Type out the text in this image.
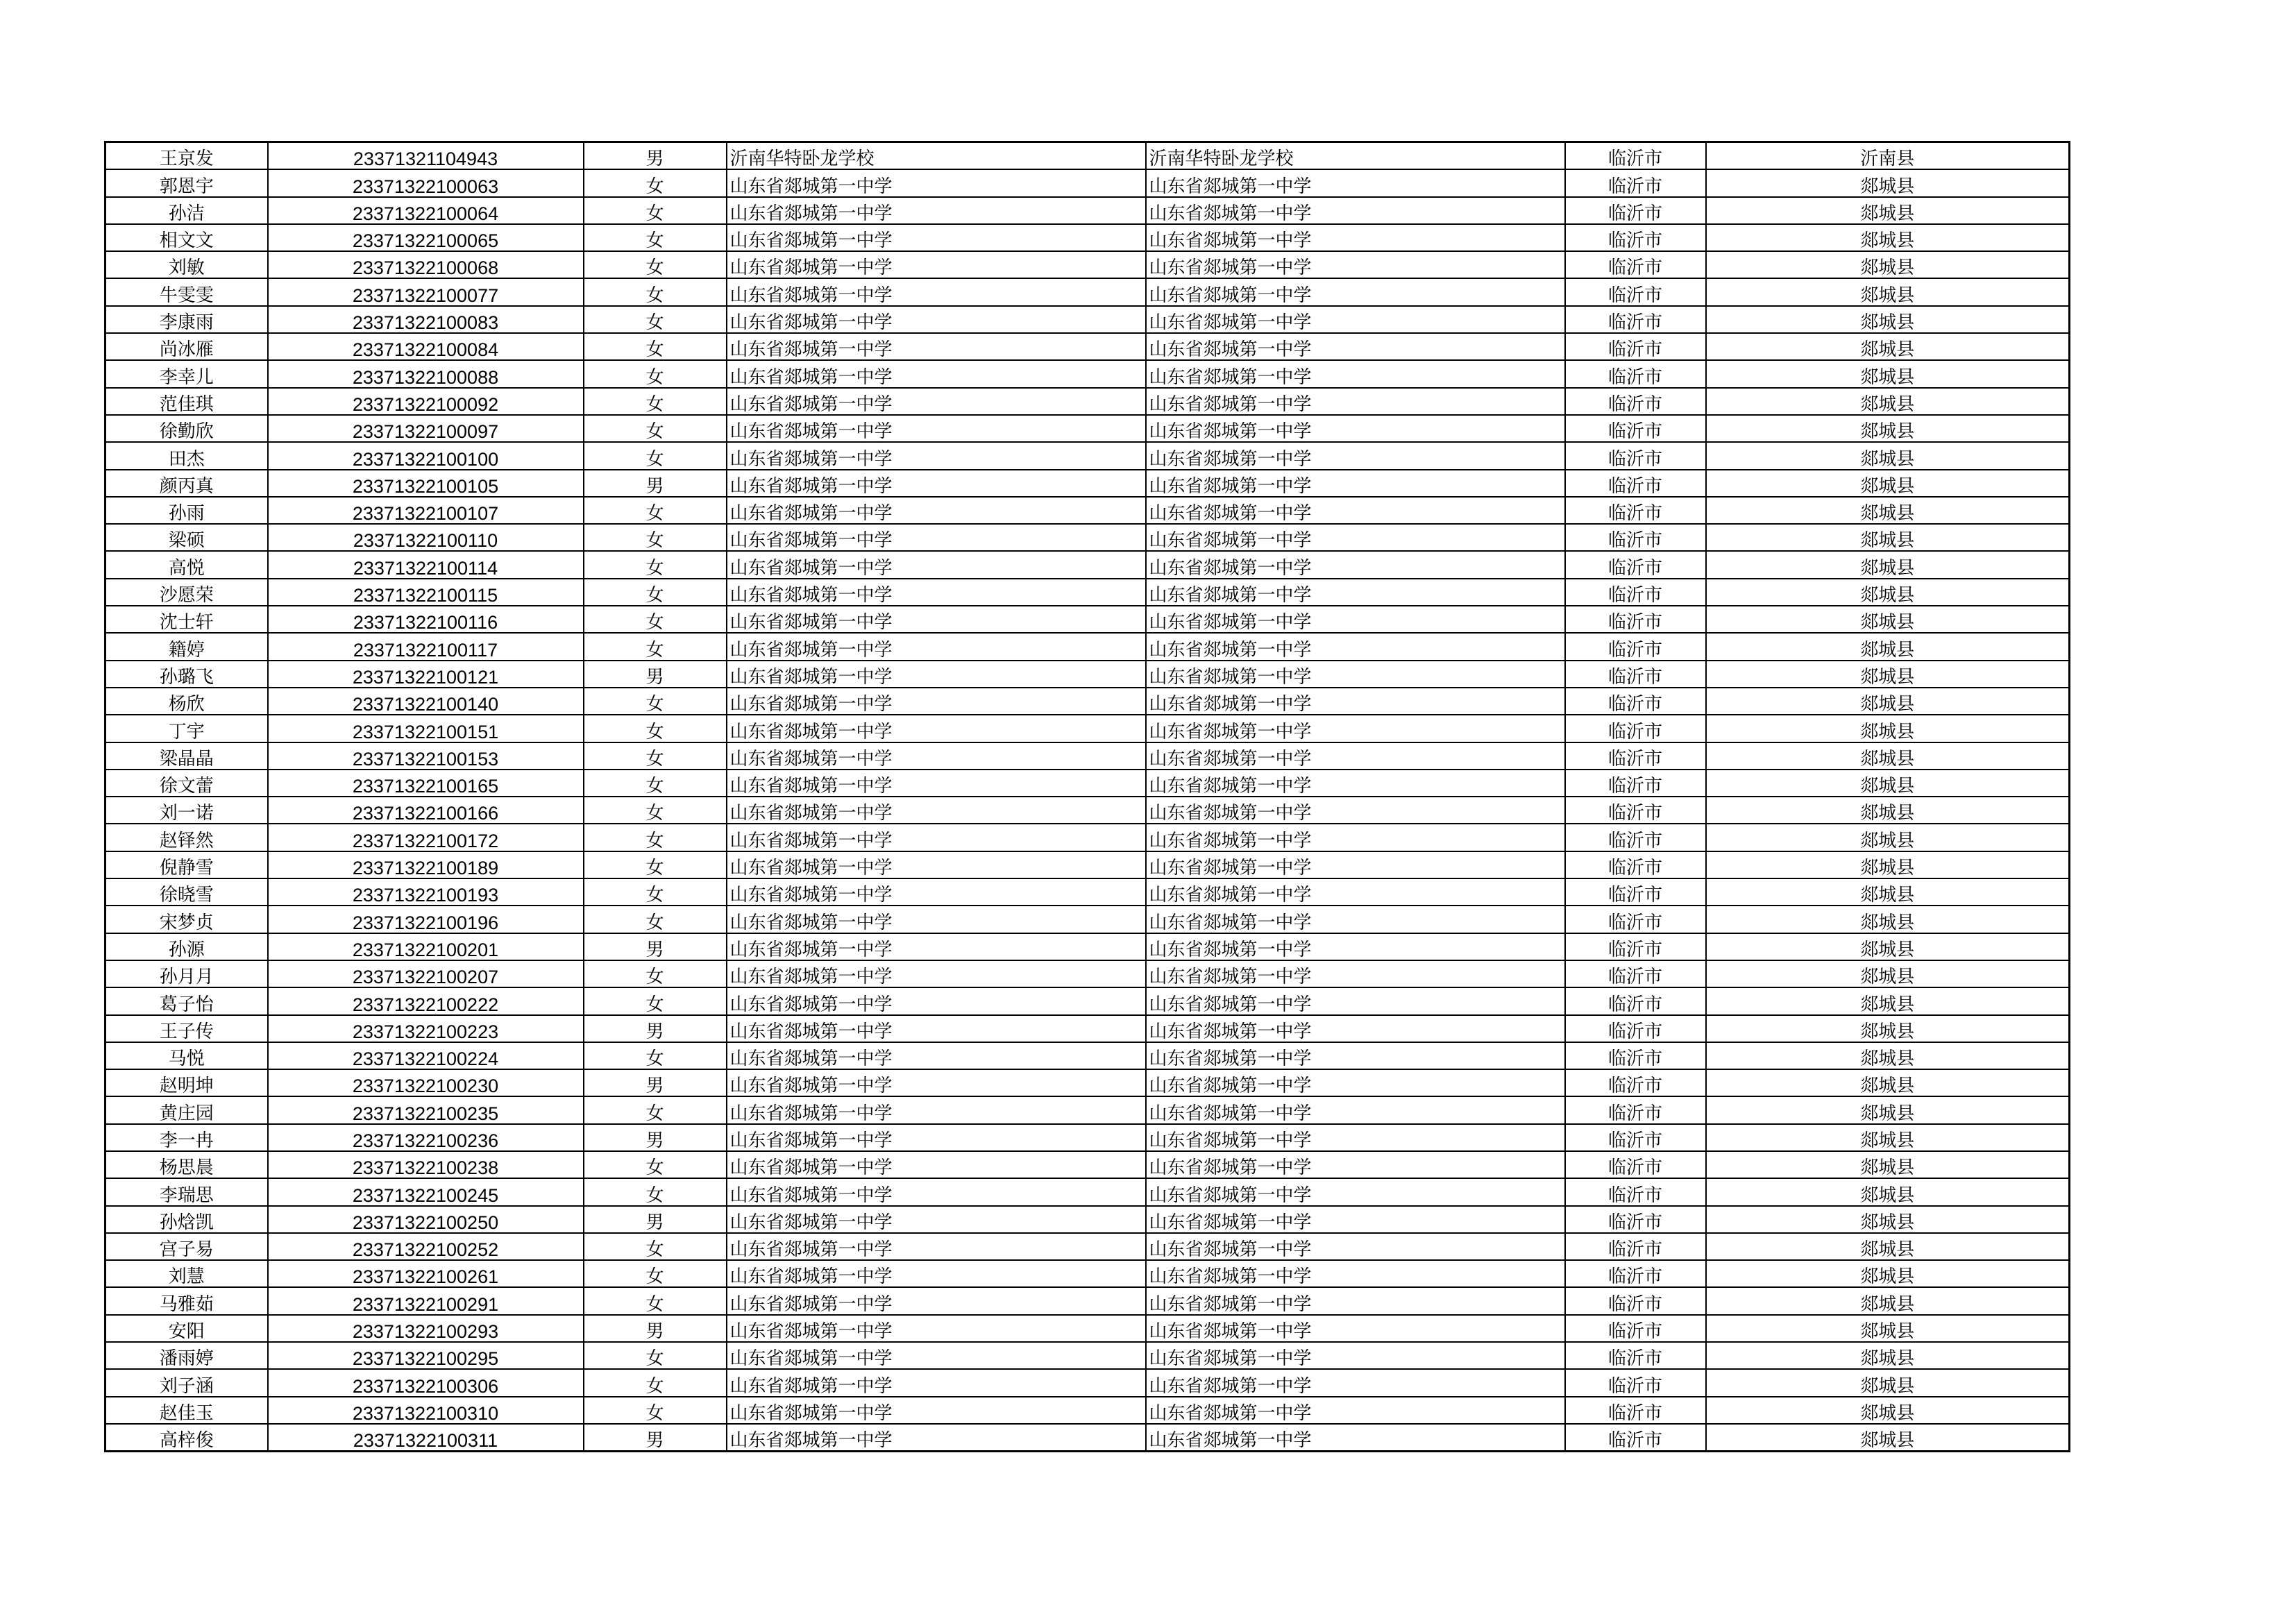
王京发	23371321104943	男	沂南华特卧龙学校	沂南华特卧龙学校	临沂市	沂南县
郭恩宇	23371322100063	女	山东省郯城第一中学	山东省郯城第一中学	临沂市	郯城县
孙洁	23371322100064	女	山东省郯城第一中学	山东省郯城第一中学	临沂市	郯城县
相文文	23371322100065	女	山东省郯城第一中学	山东省郯城第一中学	临沂市	郯城县
刘敏	23371322100068	女	山东省郯城第一中学	山东省郯城第一中学	临沂市	郯城县
牛雯雯	23371322100077	女	山东省郯城第一中学	山东省郯城第一中学	临沂市	郯城县
李康雨	23371322100083	女	山东省郯城第一中学	山东省郯城第一中学	临沂市	郯城县
尚冰雁	23371322100084	女	山东省郯城第一中学	山东省郯城第一中学	临沂市	郯城县
李幸儿	23371322100088	女	山东省郯城第一中学	山东省郯城第一中学	临沂市	郯城县
范佳琪	23371322100092	女	山东省郯城第一中学	山东省郯城第一中学	临沂市	郯城县
徐勤欣	23371322100097	女	山东省郯城第一中学	山东省郯城第一中学	临沂市	郯城县
田杰	23371322100100	女	山东省郯城第一中学	山东省郯城第一中学	临沂市	郯城县
颜丙真	23371322100105	男	山东省郯城第一中学	山东省郯城第一中学	临沂市	郯城县
孙雨	23371322100107	女	山东省郯城第一中学	山东省郯城第一中学	临沂市	郯城县
梁硕	23371322100110	女	山东省郯城第一中学	山东省郯城第一中学	临沂市	郯城县
高悦	23371322100114	女	山东省郯城第一中学	山东省郯城第一中学	临沂市	郯城县
沙愿荣	23371322100115	女	山东省郯城第一中学	山东省郯城第一中学	临沂市	郯城县
沈士轩	23371322100116	女	山东省郯城第一中学	山东省郯城第一中学	临沂市	郯城县
籍婷	23371322100117	女	山东省郯城第一中学	山东省郯城第一中学	临沂市	郯城县
孙璐飞	23371322100121	男	山东省郯城第一中学	山东省郯城第一中学	临沂市	郯城县
杨欣	23371322100140	女	山东省郯城第一中学	山东省郯城第一中学	临沂市	郯城县
丁宇	23371322100151	女	山东省郯城第一中学	山东省郯城第一中学	临沂市	郯城县
梁晶晶	23371322100153	女	山东省郯城第一中学	山东省郯城第一中学	临沂市	郯城县
徐文蕾	23371322100165	女	山东省郯城第一中学	山东省郯城第一中学	临沂市	郯城县
刘一诺	23371322100166	女	山东省郯城第一中学	山东省郯城第一中学	临沂市	郯城县
赵铎然	23371322100172	女	山东省郯城第一中学	山东省郯城第一中学	临沂市	郯城县
倪静雪	23371322100189	女	山东省郯城第一中学	山东省郯城第一中学	临沂市	郯城县
徐晓雪	23371322100193	女	山东省郯城第一中学	山东省郯城第一中学	临沂市	郯城县
宋梦贞	23371322100196	女	山东省郯城第一中学	山东省郯城第一中学	临沂市	郯城县
孙源	23371322100201	男	山东省郯城第一中学	山东省郯城第一中学	临沂市	郯城县
孙月月	23371322100207	女	山东省郯城第一中学	山东省郯城第一中学	临沂市	郯城县
葛子怡	23371322100222	女	山东省郯城第一中学	山东省郯城第一中学	临沂市	郯城县
王子传	23371322100223	男	山东省郯城第一中学	山东省郯城第一中学	临沂市	郯城县
马悦	23371322100224	女	山东省郯城第一中学	山东省郯城第一中学	临沂市	郯城县
赵明坤	23371322100230	男	山东省郯城第一中学	山东省郯城第一中学	临沂市	郯城县
黄庄园	23371322100235	女	山东省郯城第一中学	山东省郯城第一中学	临沂市	郯城县
李一冉	23371322100236	男	山东省郯城第一中学	山东省郯城第一中学	临沂市	郯城县
杨思晨	23371322100238	女	山东省郯城第一中学	山东省郯城第一中学	临沂市	郯城县
李瑞思	23371322100245	女	山东省郯城第一中学	山东省郯城第一中学	临沂市	郯城县
孙焓凯	23371322100250	男	山东省郯城第一中学	山东省郯城第一中学	临沂市	郯城县
宫子易	23371322100252	女	山东省郯城第一中学	山东省郯城第一中学	临沂市	郯城县
刘慧	23371322100261	女	山东省郯城第一中学	山东省郯城第一中学	临沂市	郯城县
马雅茹	23371322100291	女	山东省郯城第一中学	山东省郯城第一中学	临沂市	郯城县
安阳	23371322100293	男	山东省郯城第一中学	山东省郯城第一中学	临沂市	郯城县
潘雨婷	23371322100295	女	山东省郯城第一中学	山东省郯城第一中学	临沂市	郯城县
刘子涵	23371322100306	女	山东省郯城第一中学	山东省郯城第一中学	临沂市	郯城县
赵佳玉	23371322100310	女	山东省郯城第一中学	山东省郯城第一中学	临沂市	郯城县
高梓俊	23371322100311	男	山东省郯城第一中学	山东省郯城第一中学	临沂市	郯城县
